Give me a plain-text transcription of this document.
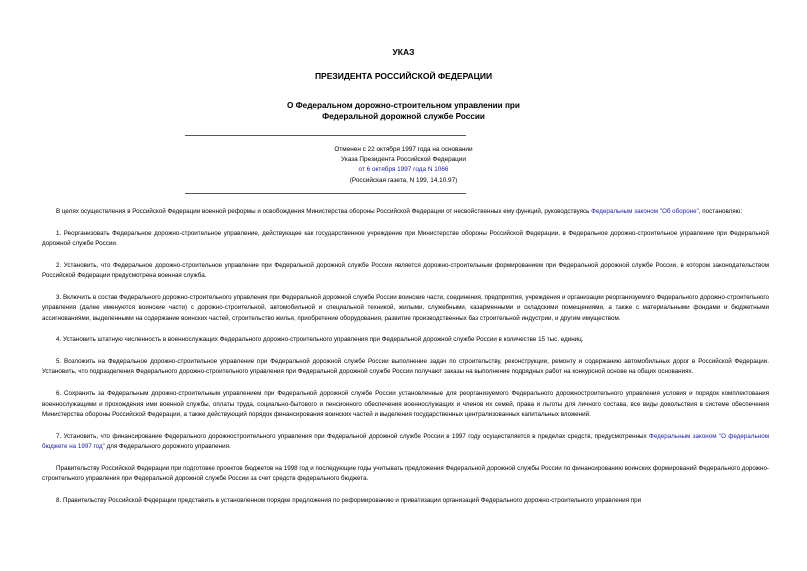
УКАЗ
ПРЕЗИДЕНТА РОССИЙСКОЙ ФЕДЕРАЦИИ
О Федеральном дорожно-строительном управлении при
Федеральной дорожной службе России
Отменен с 22 октября 1997 года на основании
Указа Президента Российской Федерации
от 6 октября 1997 года N 1066
(Российская газета, N 199, 14.10.97)

В целях осуществления в Российской Федерации военной реформы и освобождения Министерства обороны Российской Федерации от несвойственных ему функций, руководствуясь Федеральным законом "Об обороне", постановляю:

1. Реорганизовать Федеральное дорожно-строительное управление, действующее как государственное учреждение при Министерстве обороны Российской Федерации, в Федеральное дорожно-строительное управление при Федеральной дорожной службе России.

2. Установить, что Федеральное дорожно-строительное управление при Федеральной дорожной службе России является дорожно-строительным формированием при Федеральной дорожной службе России, в котором законодательством Российской Федерации предусмотрена военная служба.

3. Включить в состав Федерального дорожно-строительного управления при Федеральной дорожной службе России воинские части, соединения, предприятия, учреждения и организации реорганизуемого Федерального дорожно-строительного управления (далее именуются воинские части) с дорожно-строительной, автомобильной и специальной техникой, жилыми, служебными, казарменными и складскими помещениями, а также с материальными фондами и бюджетными ассигнованиями, выделенными на содержание воинских частей, строительство жилья, приобретение оборудования, развитие производственных баз строительной индустрии, и другим имуществом.

4. Установить штатную численность в военнослужащих Федерального дорожно-строительного управления при Федеральной дорожной службе России в количестве 15 тыс. единиц.

5. Возложить на Федеральное дорожно-строительное управление при Федеральной дорожной службе России выполнение задач по строительству, реконструкции, ремонту и содержанию автомобильных дорог в Российской Федерации. Установить, что подразделения Федерального дорожно-строительного управления при Федеральной дорожной службе России получают заказы на выполнение подрядных работ на конкурсной основе на общих основаниях.

6. Сохранить за Федеральным дорожно-строительным управлением при Федеральной дорожной службе России установленные для реорганизуемого Федерального дорожностроительного управления условия и порядок комплектования военнослужащими и прохождения ими военной службы, оплаты труда, социально-бытового и пенсионного обеспечения военнослужащих и членов их семей, права и льготы для личного состава, все виды довольствия в системе обеспечения Министерства обороны Российской Федерации, а также действующий порядок финансирования воинских частей и выделения государственных централизованных капитальных вложений.

7. Установить, что финансирование Федерального дорожностроительного управления при Федеральной дорожной службе России в 1997 году осуществляется в пределах средств, предусмотренных Федеральным законом "О федеральном бюджете на 1997 год" для Федерального дорожного управления.

Правительству Российской Федерации при подготовке проектов бюджетов на 1998 год и последующие годы учитывать предложения Федеральной дорожной службы России по финансированию воинских формирований Федерального дорожно-строительного управления при Федеральной дорожной службе России за счет средств федерального бюджета.

8. Правительству Российской Федерации представить в установленном порядке предложения по реформированию и приватизации организаций Федерального дорожно-строительного управления при
